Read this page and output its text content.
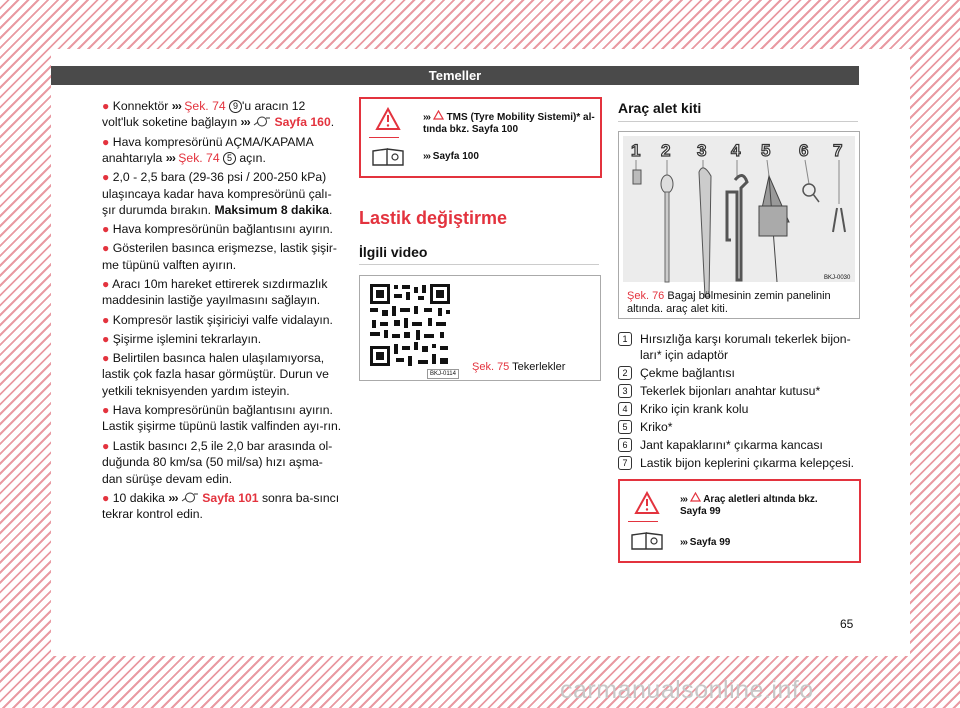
Temeller

● Konnektör ››› Şek. 74 9 'u aracın 12 volt'luk soketine bağlayın ››› Sayfa 160.

● Hava kompresörünü AÇMA/KAPAMA anahtarıyla ››› Şek. 74 5 açın.

● 2,0 - 2,5 bara (29-36 psi / 200-250 kPa) ulaşıncaya kadar hava kompresörünü çalı-şır durumda bırakın. Maksimum 8 dakika.

● Hava kompresörünün bağlantısını ayırın.

● Gösterilen basınca erişmezse, lastik şişir-me tüpünü valften ayırın.

● Aracı 10m hareket ettirerek sızdırmazlık maddesinin lastiğe yayılmasını sağlayın.

● Kompresör lastik şişiriciyi valfe vidalayın.

● Şişirme işlemini tekrarlayın.

● Belirtilen basınca halen ulaşılamıyorsa, lastik çok fazla hasar görmüştür. Durun ve yetkili teknisyenden yardım isteyin.

● Hava kompresörünün bağlantısını ayırın. Lastik şişirme tüpünü lastik valfinden ayı-rın.

● Lastik basıncı 2,5 ile 2,0 bar arasında ol-duğunda 80 km/sa (50 mil/sa) hızı aşma-dan sürüşe devam edin.

● 10 dakika ››› Sayfa 101 sonra ba-sıncı tekrar kontrol edin.

››› TMS (Tyre Mobility Sistemi)* al-
tında bkz. Sayfa 100
››› Sayfa 100
Lastik değiştirme
İlgili video
BKJ-0114
Şek. 75 Tekerlekler
Araç alet kiti
1 2 3 4 5 6 7
BKJ-0030
Şek. 76 Bagaj bölmesinin zemin panelinin altında. araç alet kiti.
1	Hırsızlığa karşı korumalı tekerlek bijon-ları* için adaptör
2	Çekme bağlantısı
3	Tekerlek bijonları anahtar kutusu*
4	Kriko için krank kolu
5	Kriko*
6	Jant kapaklarını* çıkarma kancası
7	Lastik bijon keplerini çıkarma kelepçesi.
››› Araç aletleri altında bkz.
Sayfa 99
››› Sayfa 99
65
carmanualsonline.info
